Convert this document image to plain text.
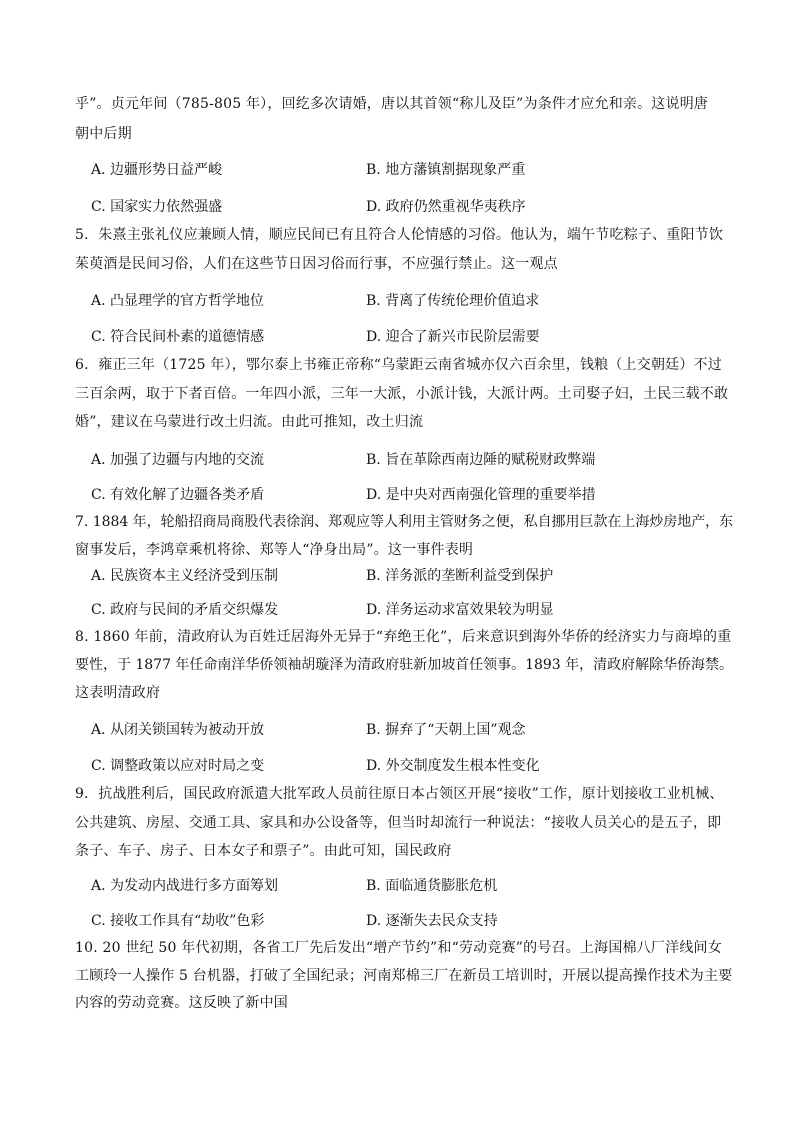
乎”。贞元年间（785-805 年），回纥多次请婚，唐以其首领“称儿及臣”为条件才应允和亲。这说明唐
朝中后期
A. 边疆形势日益严峻	B. 地方藩镇割据现象严重
C. 国家实力依然强盛	D. 政府仍然重视华夷秩序
5．朱熹主张礼仪应兼顾人情，顺应民间已有且符合人伦情感的习俗。他认为，端午节吃粽子、重阳节饮
茱萸酒是民间习俗，人们在这些节日因习俗而行事，不应强行禁止。这一观点
A. 凸显理学的官方哲学地位	B. 背离了传统伦理价值追求
C. 符合民间朴素的道德情感	D. 迎合了新兴市民阶层需要
6．雍正三年（1725 年），鄂尔泰上书雍正帝称“乌蒙距云南省城亦仅六百余里，钱粮（上交朝廷）不过
三百余两，取于下者百倍。一年四小派，三年一大派，小派计钱，大派计两。土司娶子妇，土民三载不敢
婚”，建议在乌蒙进行改土归流。由此可推知，改土归流
A. 加强了边疆与内地的交流	B. 旨在革除西南边陲的赋税财政弊端
C. 有效化解了边疆各类矛盾	D. 是中央对西南强化管理的重要举措
7. 1884 年，轮船招商局商股代表徐润、郑观应等人利用主管财务之便，私自挪用巨款在上海炒房地产，东
窗事发后，李鸿章乘机将徐、郑等人“净身出局”。这一事件表明
A. 民族资本主义经济受到压制	B. 洋务派的垄断利益受到保护
C. 政府与民间的矛盾交织爆发	D. 洋务运动求富效果较为明显
8. 1860 年前，清政府认为百姓迁居海外无异于“弃绝王化”，后来意识到海外华侨的经济实力与商埠的重
要性，于 1877 年任命南洋华侨领袖胡璇泽为清政府驻新加坡首任领事。1893 年，清政府解除华侨海禁。
这表明清政府
A. 从闭关锁国转为被动开放	B. 摒弃了“天朝上国”观念
C. 调整政策以应对时局之变	D. 外交制度发生根本性变化
9．抗战胜利后，国民政府派遣大批军政人员前往原日本占领区开展“接收”工作，原计划接收工业机械、
公共建筑、房屋、交通工具、家具和办公设备等，但当时却流行一种说法：“接收人员关心的是五子，即
条子、车子、房子、日本女子和票子”。由此可知，国民政府
A. 为发动内战进行多方面筹划	B. 面临通货膨胀危机
C. 接收工作具有“劫收”色彩	D. 逐渐失去民众支持
10. 20 世纪 50 年代初期，各省工厂先后发出“增产节约”和“劳动竞赛”的号召。上海国棉八厂洋线间女
工顾玲一人操作 5 台机器，打破了全国纪录；河南郑棉三厂在新员工培训时，开展以提高操作技术为主要
内容的劳动竞赛。这反映了新中国
